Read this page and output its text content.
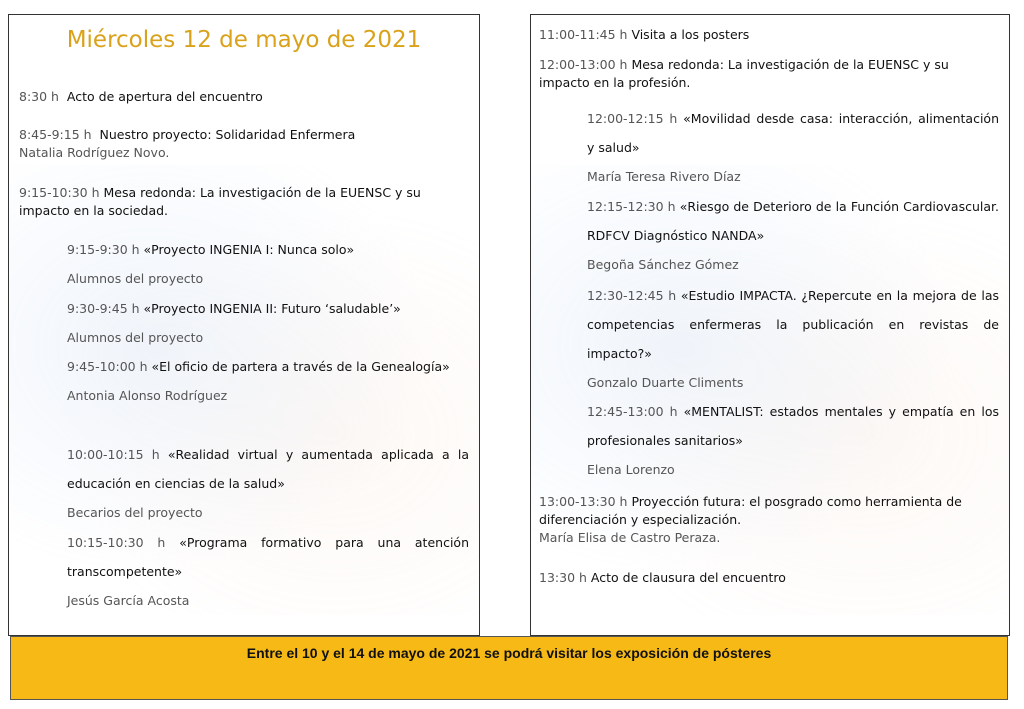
Miércoles 12 de mayo de 2021
8:30 h Acto de apertura del encuentro
8:45-9:15 h Nuestro proyecto: Solidaridad Enfermera
Natalia Rodríguez Novo.
9:15-10:30 h Mesa redonda: La investigación de la EUENSC y su impacto en la sociedad.
9:15-9:30 h «Proyecto INGENIA I: Nunca solo»
Alumnos del proyecto
9:30-9:45 h «Proyecto INGENIA II: Futuro ‘saludable’»
Alumnos del proyecto
9:45-10:00 h «El oficio de partera a través de la Genealogía»
Antonia Alonso Rodríguez
10:00-10:15 h «Realidad virtual y aumentada aplicada a la educación en ciencias de la salud»
Becarios del proyecto
10:15-10:30 h «Programa formativo para una atención transcompetente»
Jesús García Acosta
11:00-11:45 h Visita a los posters
12:00-13:00 h Mesa redonda: La investigación de la EUENSC y su impacto en la profesión.
12:00-12:15 h «Movilidad desde casa: interacción, alimentación y salud»
María Teresa Rivero Díaz
12:15-12:30 h «Riesgo de Deterioro de la Función Cardiovascular. RDFCV Diagnóstico NANDA»
Begoña Sánchez Gómez
12:30-12:45 h «Estudio IMPACTA. ¿Repercute en la mejora de las competencias enfermeras la publicación en revistas de impacto?»
Gonzalo Duarte Climents
12:45-13:00 h «MENTALIST: estados mentales y empatía en los profesionales sanitarios»
Elena Lorenzo
13:00-13:30 h Proyección futura: el posgrado como herramienta de diferenciación y especialización.
María Elisa de Castro Peraza.
13:30 h Acto de clausura del encuentro
Entre el 10 y el 14 de mayo de 2021 se podrá visitar los exposición de pósteres
